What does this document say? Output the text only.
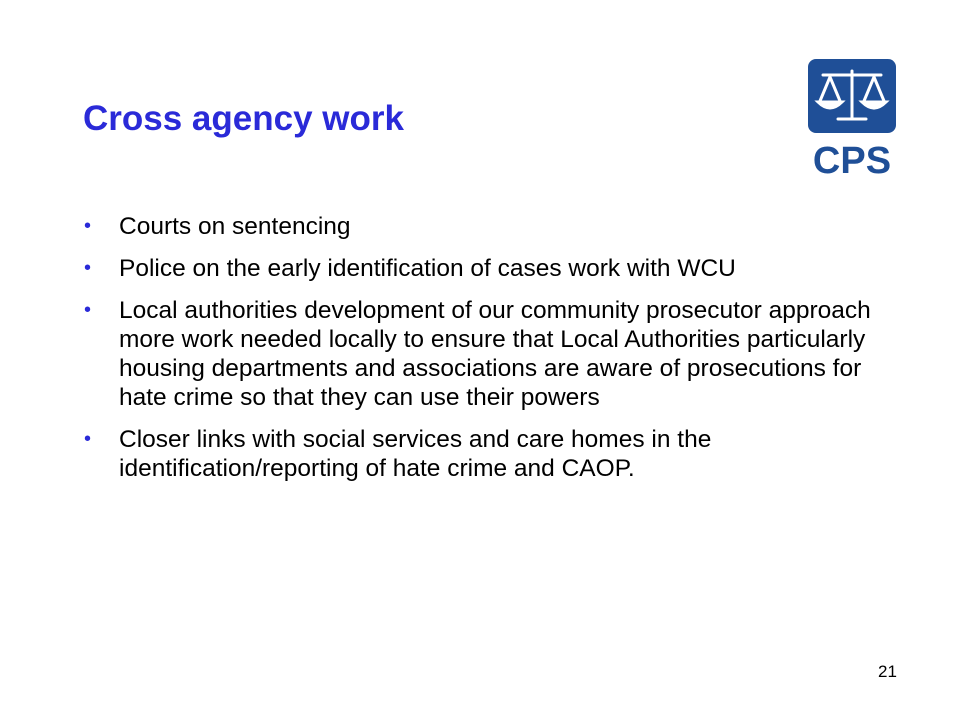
Cross agency work
CPS
• Courts on sentencing
• Police on the early identification of cases work with WCU
• Local authorities development of our community prosecutor approach more work needed locally to ensure that Local Authorities particularly housing departments and associations are aware of prosecutions for hate crime so that they can use their powers
• Closer links with social services and care homes in the identification/reporting of hate crime and CAOP.
21
